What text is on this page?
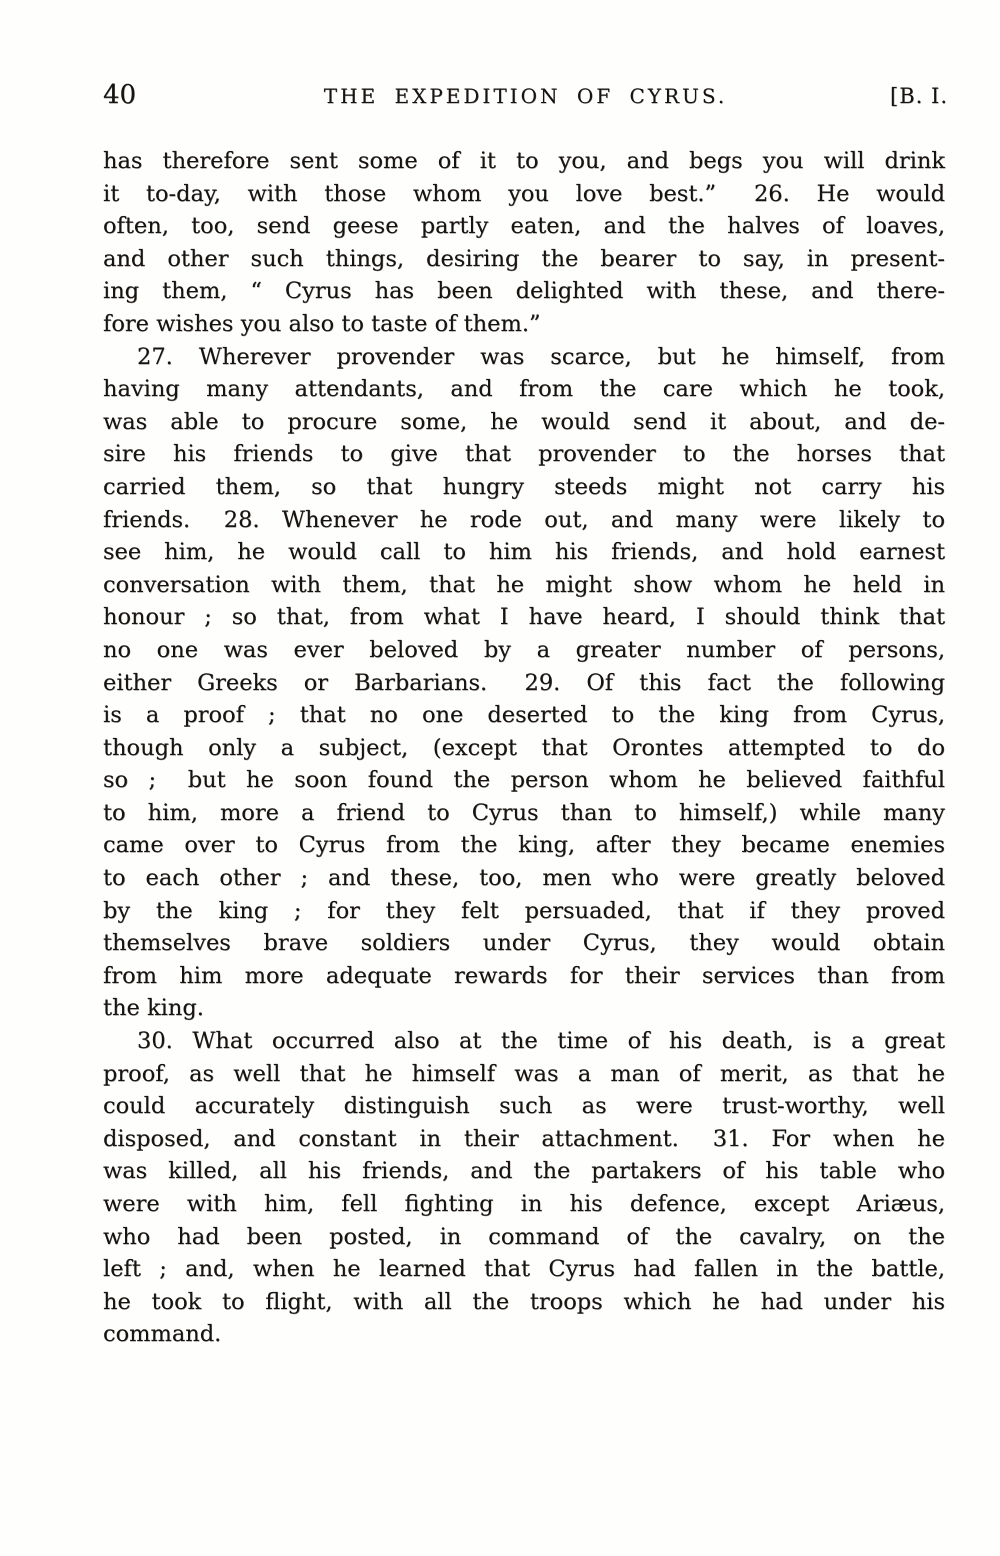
40	THE EXPEDITION OF CYRUS.	[B. I.
has therefore sent some of it to you, and begs you will drink
it to-day, with those whom you love best.”  26. He would
often, too, send geese partly eaten, and the halves of loaves,
and other such things, desiring the bearer to say, in present-
ing them, “ Cyrus has been delighted with these, and there-
fore wishes you also to taste of them.”
27. Wherever provender was scarce, but he himself, from
having many attendants, and from the care which he took,
was able to procure some, he would send it about, and de-
sire his friends to give that provender to the horses that
carried them, so that hungry steeds might not carry his
friends.  28. Whenever he rode out, and many were likely to
see him, he would call to him his friends, and hold earnest
conversation with them, that he might show whom he held in
honour ; so that, from what I have heard, I should think that
no one was ever beloved by a greater number of persons,
either Greeks or Barbarians.  29. Of this fact the following
is a proof ; that no one deserted to the king from Cyrus,
though only a subject, (except that Orontes attempted to do
so ;  but he soon found the person whom he believed faithful
to him, more a friend to Cyrus than to himself,) while many
came over to Cyrus from the king, after they became enemies
to each other ; and these, too, men who were greatly beloved
by the king ; for they felt persuaded, that if they proved
themselves brave soldiers under Cyrus, they would obtain
from him more adequate rewards for their services than from
the king.
30. What occurred also at the time of his death, is a great
proof, as well that he himself was a man of merit, as that he
could accurately distinguish such as were trust-worthy, well
disposed, and constant in their attachment.  31. For when he
was killed, all his friends, and the partakers of his table who
were with him, fell fighting in his defence, except Ariæus,
who had been posted, in command of the cavalry, on the
left ; and, when he learned that Cyrus had fallen in the battle,
he took to flight, with all the troops which he had under his
command.
